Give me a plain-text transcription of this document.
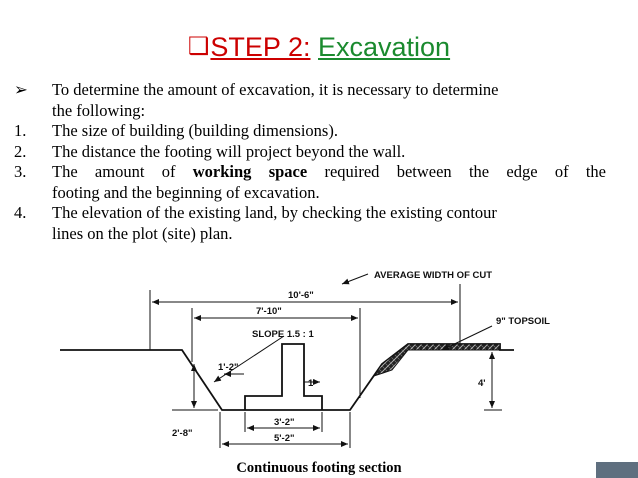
❑STEP 2: Excavation
➢	To determine the amount of excavation, it is necessary to determine
the following:
1.	The size of building (building dimensions).
2.	The distance the footing will project beyond the wall.
3.	The amount of working space required between the edge of the
footing and the beginning of excavation.
4.	The elevation of the existing land, by checking the existing contour
lines on the plot (site) plan.
AVERAGE WIDTH OF CUT
10'-6"
7'-10"
SLOPE 1.5 : 1
9" TOPSOIL
1'-2"
1'	4'
3'-2"
5'-2"
2'-8"
Continuous footing section
